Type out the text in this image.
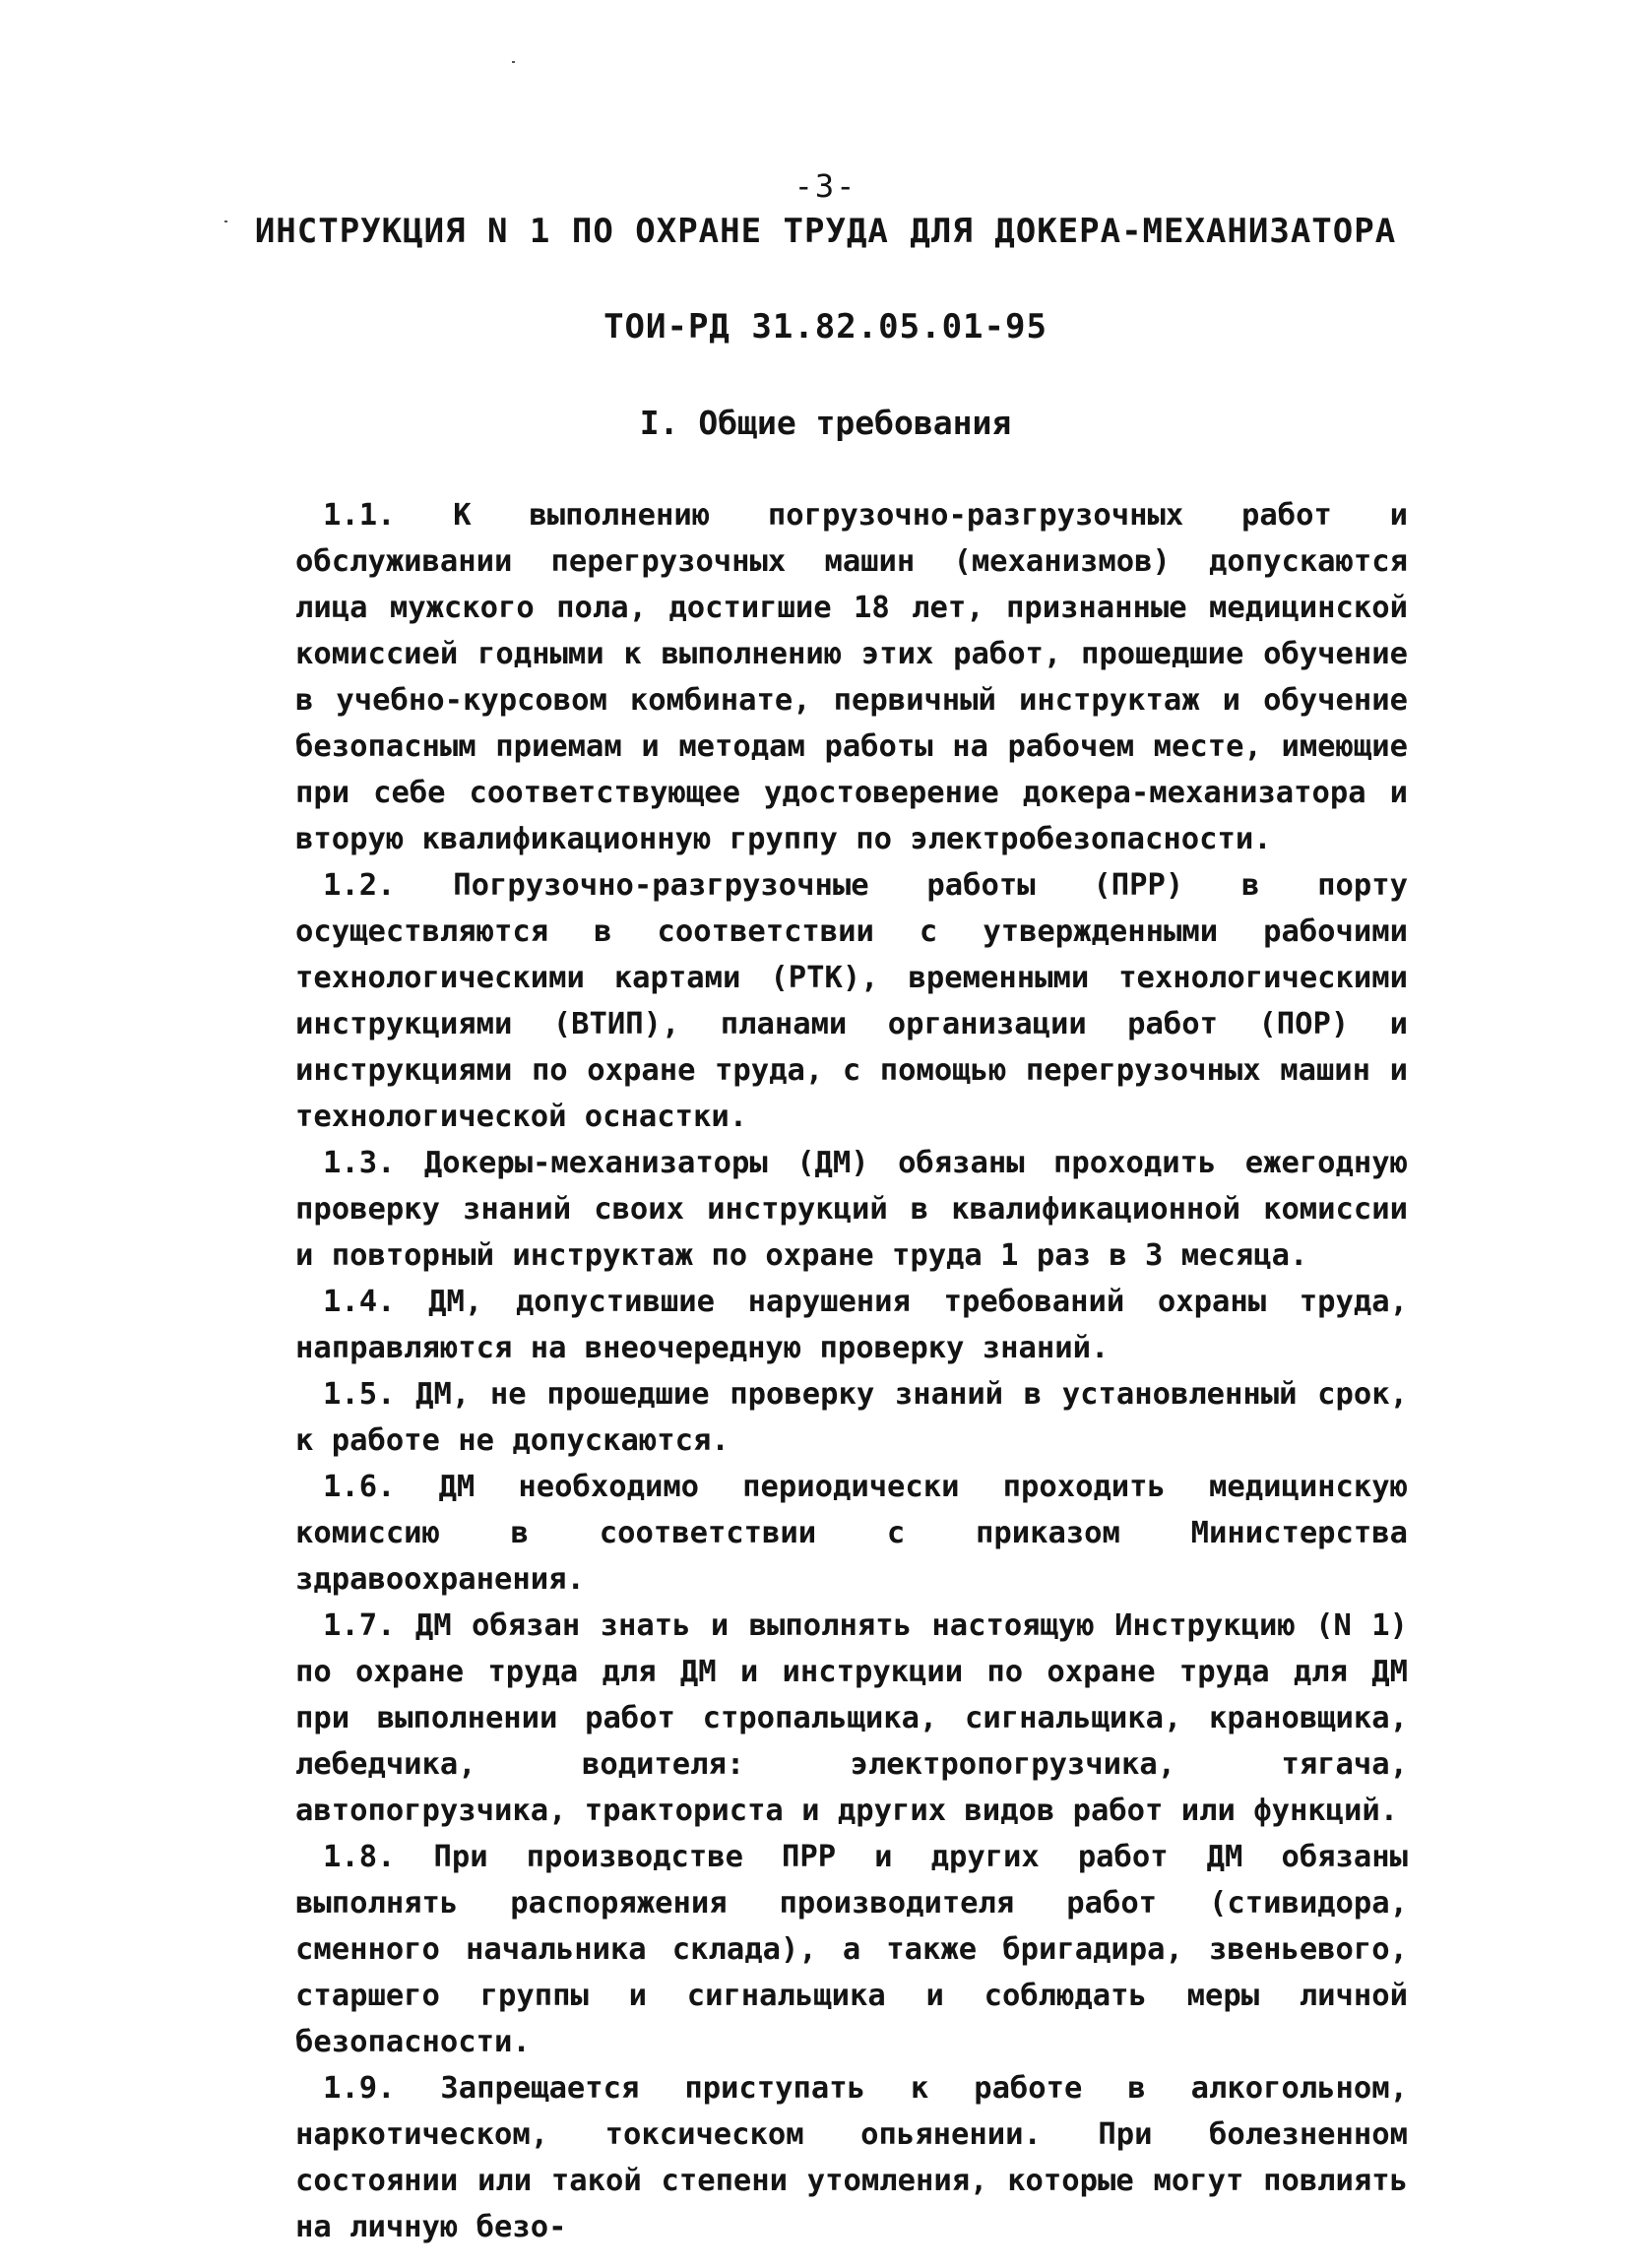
-3-
ИНСТРУКЦИЯ N 1 ПО ОХРАНЕ ТРУДА ДЛЯ ДОКЕРА-МЕХАНИЗАТОРА
ТОИ-РД 31.82.05.01-95
I. Общие требования

1.1. К выполнению погрузочно-разгрузочных работ и обслуживании перегрузочных машин (механизмов) допускаются лица мужского пола, достигшие 18 лет, признанные медицинской комиссией годными к выполнению этих работ, прошедшие обучение в учебно-курсовом комбинате, первичный инструктаж и обучение безопасным приемам и методам работы на рабочем месте, имеющие при себе соответствующее удостоверение докера-механизатора и вторую квалификационную группу по электробезопасности.

1.2. Погрузочно-разгрузочные работы (ПРР) в порту осуществляются в соответствии с утвержденными рабочими технологическими картами (РТК), временными технологическими инструкциями (ВТИП), планами организации работ (ПОР) и инструкциями по охране труда, с помощью перегрузочных машин и технологической оснастки.

1.3. Докеры-механизаторы (ДМ) обязаны проходить ежегодную проверку знаний своих инструкций в квалификационной комиссии и повторный инструктаж по охране труда 1 раз в 3 месяца.

1.4. ДМ, допустившие нарушения требований охраны труда, направляются на внеочередную проверку знаний.

1.5. ДМ, не прошедшие проверку знаний в установленный срок, к работе не допускаются.

1.6. ДМ необходимо периодически проходить медицинскую комиссию в соответствии с приказом Министерства здравоохранения.

1.7. ДМ обязан знать и выполнять настоящую Инструкцию (N 1) по охране труда для ДМ и инструкции по охране труда для ДМ при выполнении работ стропальщика, сигнальщика, крановщика, лебедчика, водителя: электропогрузчика, тягача, автопогрузчика, тракториста и других видов работ или функций.

1.8. При производстве ПРР и других работ ДМ обязаны выполнять распоряжения производителя работ (стивидора, сменного начальника склада), а также бригадира, звеньевого, старшего группы и сигнальщика и соблюдать меры личной безопасности.

1.9. Запрещается приступать к работе в алкогольном, наркотическом, токсическом опьянении. При болезненном состоянии или такой степени утомления, которые могут повлиять на личную безо-
